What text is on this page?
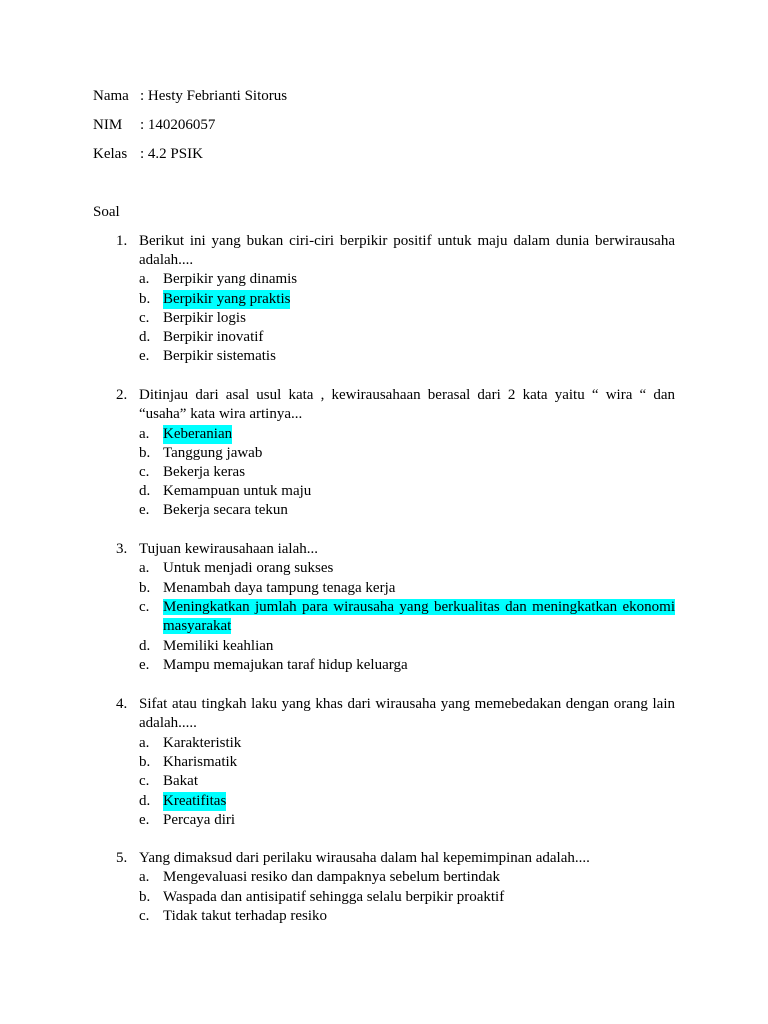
Nama : Hesty Febrianti Sitorus
NIM : 140206057
Kelas : 4.2 PSIK
Soal
1. Berikut ini yang bukan ciri-ciri berpikir positif untuk maju dalam dunia berwirausaha adalah....
a. Berpikir yang dinamis
b. Berpikir yang praktis
c. Berpikir logis
d. Berpikir inovatif
e. Berpikir sistematis
2. Ditinjau dari asal usul kata , kewirausahaan berasal dari 2 kata yaitu “ wira “ dan “usaha” kata wira artinya...
a. Keberanian
b. Tanggung jawab
c. Bekerja keras
d. Kemampuan untuk maju
e. Bekerja secara tekun
3. Tujuan kewirausahaan ialah...
a. Untuk menjadi orang sukses
b. Menambah daya tampung tenaga kerja
c. Meningkatkan jumlah para wirausaha yang berkualitas dan meningkatkan ekonomi masyarakat
d. Memiliki keahlian
e. Mampu memajukan taraf hidup keluarga
4. Sifat atau tingkah laku yang khas dari wirausaha yang memebedakan dengan orang lain adalah.....
a. Karakteristik
b. Kharismatik
c. Bakat
d. Kreatifitas
e. Percaya diri
5. Yang dimaksud dari perilaku wirausaha dalam hal kepemimpinan adalah....
a. Mengevaluasi resiko dan dampaknya sebelum bertindak
b. Waspada dan antisipatif sehingga selalu berpikir proaktif
c. Tidak takut terhadap resiko
